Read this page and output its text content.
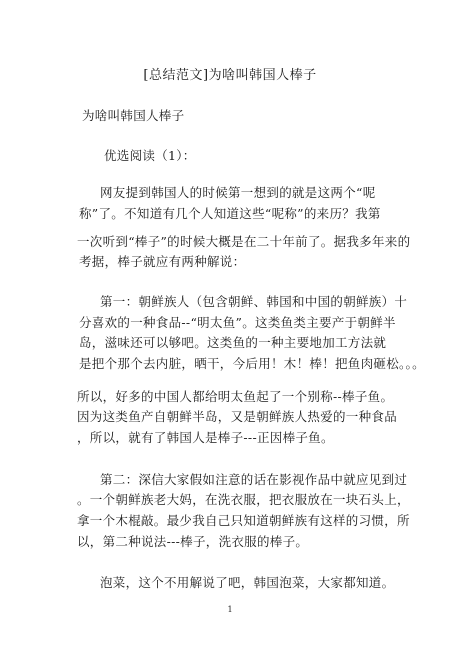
[总结范文]为啥叫韩国人棒子
为啥叫韩国人棒子
优选阅读（1）：
网友提到韩国人的时候第一想到的就是这两个“呢
称”了。不知道有几个人知道这些“呢称”的来历？我第
一次听到“棒子”的时候大概是在二十年前了。据我多年来的
考据，棒子就应有两种解说：
第一：朝鲜族人（包含朝鲜、韩国和中国的朝鲜族）十
分喜欢的一种食品--“明太鱼”。这类鱼类主要产于朝鲜半
岛，滋味还可以够吧。这类鱼的一种主要地加工方法就
是把个那个去内脏，晒干，今后用！木！棒！把鱼肉砸松。。。
所以，好多的中国人都给明太鱼起了一个别称--棒子鱼。
因为这类鱼产自朝鲜半岛，又是朝鲜族人热爱的一种食品
，所以，就有了韩国人是棒子---正因棒子鱼。
第二：深信大家假如注意的话在影视作品中就应见到过
。一个朝鲜族老大妈，在洗衣服，把衣服放在一块石头上，
拿一个木棍敲。最少我自己只知道朝鲜族有这样的习惯，所
以，第二种说法---棒子，洗衣服的棒子。
泡菜，这个不用解说了吧，韩国泡菜，大家都知道。
1
